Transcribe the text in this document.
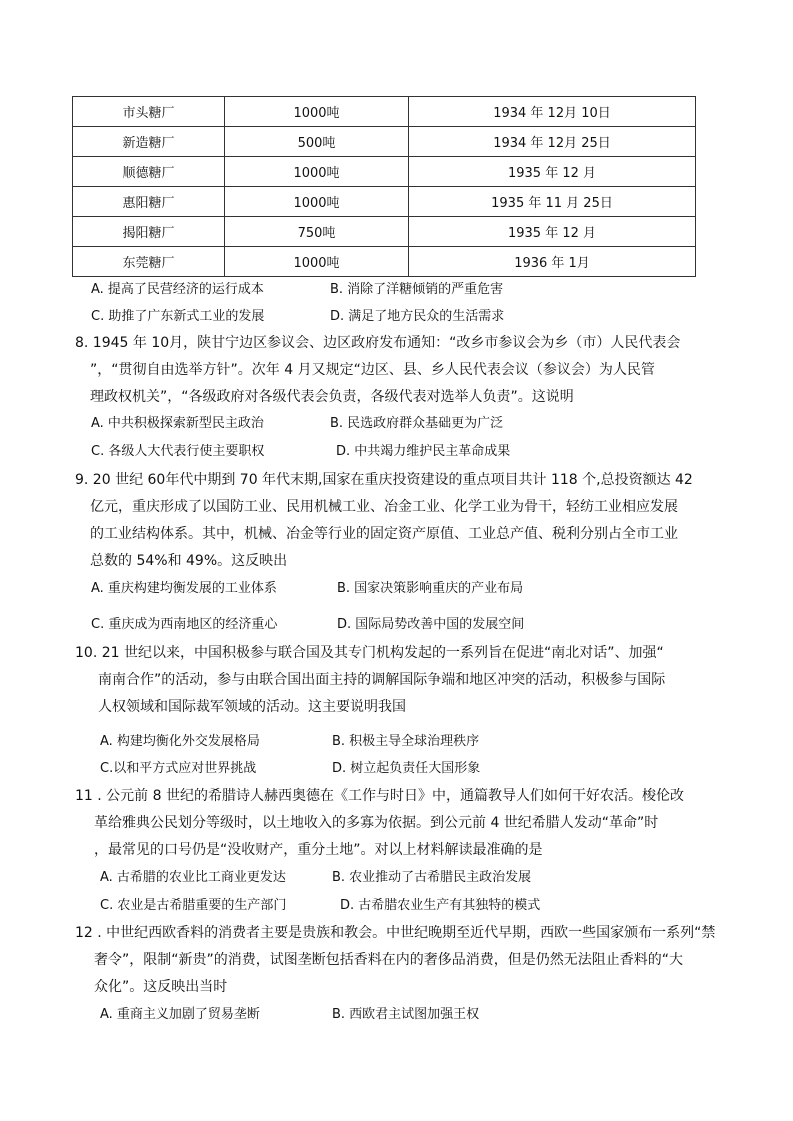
市头糖厂	1000吨	1934 年 12月 10日
新造糖厂	500吨	1934 年 12月 25日
顺德糖厂	1000吨	1935 年 12 月
惠阳糖厂	1000吨	1935 年 11 月 25日
揭阳糖厂	750吨	1935 年 12 月
东莞糖厂	1000吨	1936 年 1月
A. 提高了民营经济的运行成本	B. 消除了洋糖倾销的严重危害
C. 助推了广东新式工业的发展	D. 满足了地方民众的生活需求
8. 1945 年 10月，陕甘宁边区参议会、边区政府发布通知：“改乡市参议会为乡（市）人民代表会
”，“贯彻自由选举方针”。次年 4 月又规定“边区、县、乡人民代表会议（参议会）为人民管
理政权机关”，“各级政府对各级代表会负责，各级代表对选举人负责”。这说明
A. 中共积极探索新型民主政治	B. 民选政府群众基础更为广泛
C. 各级人大代表行使主要职权	D. 中共竭力维护民主革命成果
9. 20 世纪 60年代中期到 70 年代末期,国家在重庆投资建设的重点项目共计 118 个,总投资额达 42
亿元，重庆形成了以国防工业、民用机械工业、冶金工业、化学工业为骨干，轻纺工业相应发展
的工业结构体系。其中，机械、冶金等行业的固定资产原值、工业总产值、税利分别占全市工业
总数的 54%和 49%。这反映出
A. 重庆构建均衡发展的工业体系	B. 国家决策影响重庆的产业布局
C. 重庆成为西南地区的经济重心	D. 国际局势改善中国的发展空间
10. 21 世纪以来，中国积极参与联合国及其专门机构发起的一系列旨在促进“南北对话”、加强“
南南合作”的活动，参与由联合国出面主持的调解国际争端和地区冲突的活动，积极参与国际
人权领域和国际裁军领域的活动。这主要说明我国
A. 构建均衡化外交发展格局	B. 积极主导全球治理秩序
C.以和平方式应对世界挑战	D. 树立起负责任大国形象
11 . 公元前 8 世纪的希腊诗人赫西奥德在《工作与时日》中，通篇教导人们如何干好农活。梭伦改
革给雅典公民划分等级时，以土地收入的多寡为依据。到公元前 4 世纪希腊人发动“革命”时
，最常见的口号仍是“没收财产，重分土地”。对以上材料解读最准确的是
A. 古希腊的农业比工商业更发达	B. 农业推动了古希腊民主政治发展
C. 农业是古希腊重要的生产部门	D. 古希腊农业生产有其独特的模式
12 . 中世纪西欧香料的消费者主要是贵族和教会。中世纪晚期至近代早期，西欧一些国家颁布一系列“禁
奢令”，限制“新贵”的消费，试图垄断包括香料在内的奢侈品消费，但是仍然无法阻止香料的“大
众化”。这反映出当时
A. 重商主义加剧了贸易垄断	B. 西欧君主试图加强王权
